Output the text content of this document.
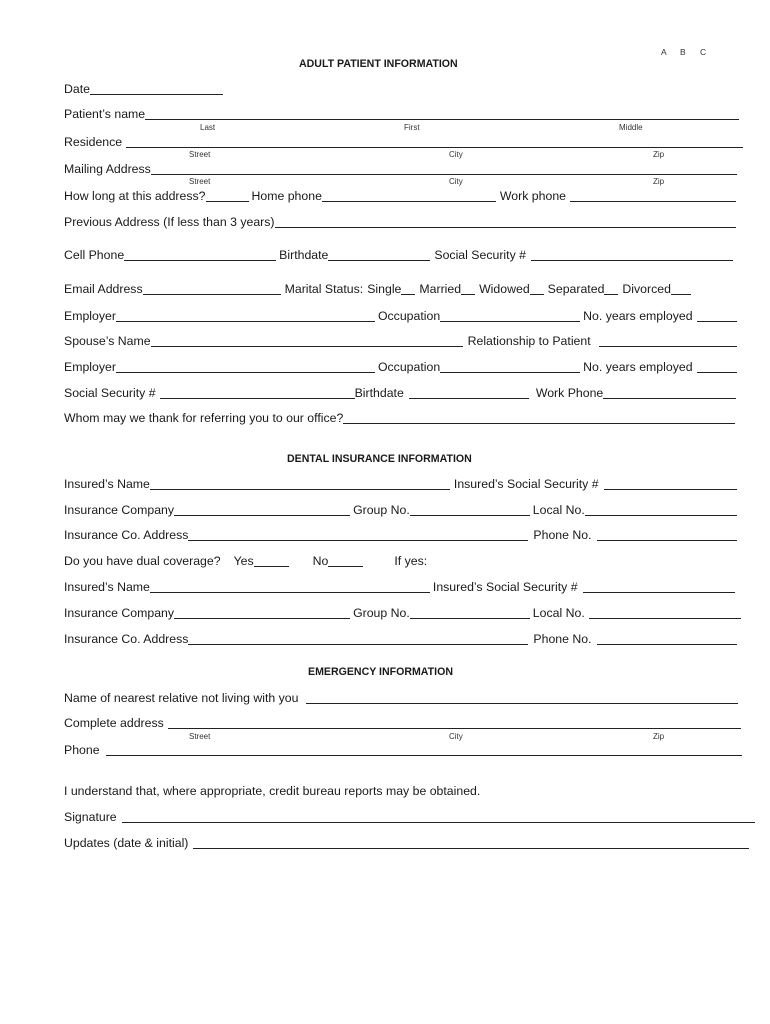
A B C
ADULT PATIENT INFORMATION
Date
Patient’s name
Last	First	Middle
Residence
Street	City	Zip
Mailing Address
Street	City	Zip
How long at this address?	Home phone	Work phone
Previous Address (If less than 3 years)
Cell Phone	Birthdate	Social Security #
Email Address	Marital Status: Single Married Widowed Separated Divorced
Employer	Occupation	No. years employed
Spouse’s Name	Relationship to Patient
Employer	Occupation	No. years employed
Social Security #	Birthdate	Work Phone
Whom may we thank for referring you to our office?
DENTAL INSURANCE INFORMATION
Insured’s Name	Insured’s Social Security #
Insurance Company	Group No.	Local No.
Insurance Co. Address	Phone No.
Do you have dual coverage? Yes	No	If yes:
Insured’s Name	Insured’s Social Security #
Insurance Company	Group No.	Local No.
Insurance Co. Address	Phone No.
EMERGENCY INFORMATION
Name of nearest relative not living with you
Complete address
Street	City	Zip
Phone
I understand that, where appropriate, credit bureau reports may be obtained.
Signature
Updates (date & initial)
